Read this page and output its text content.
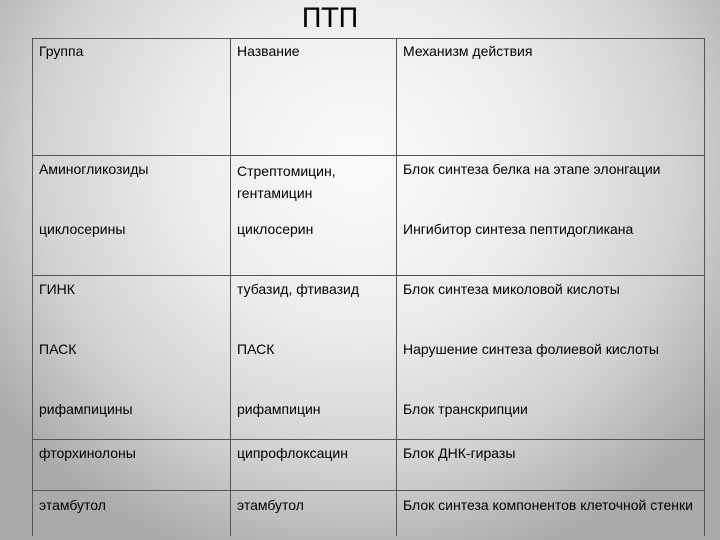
ПТП
Группа	Название	Механизм действия

Аминогликозиды	Стрептомицин, гентамицин	Блок синтеза белка на этапе элонгации

циклосерины	циклосерин	Ингибитор синтеза пептидогликана

ГИНК	тубазид, фтивазид	Блок синтеза миколовой кислоты

ПАСК	ПАСК	Нарушение синтеза фолиевой кислоты

рифампицины	рифампицин	Блок транскрипции

фторхинолоны	ципрофлоксацин	Блок ДНК-гиразы

этамбутол	этамбутол	Блок синтеза компонентов клеточной стенки
